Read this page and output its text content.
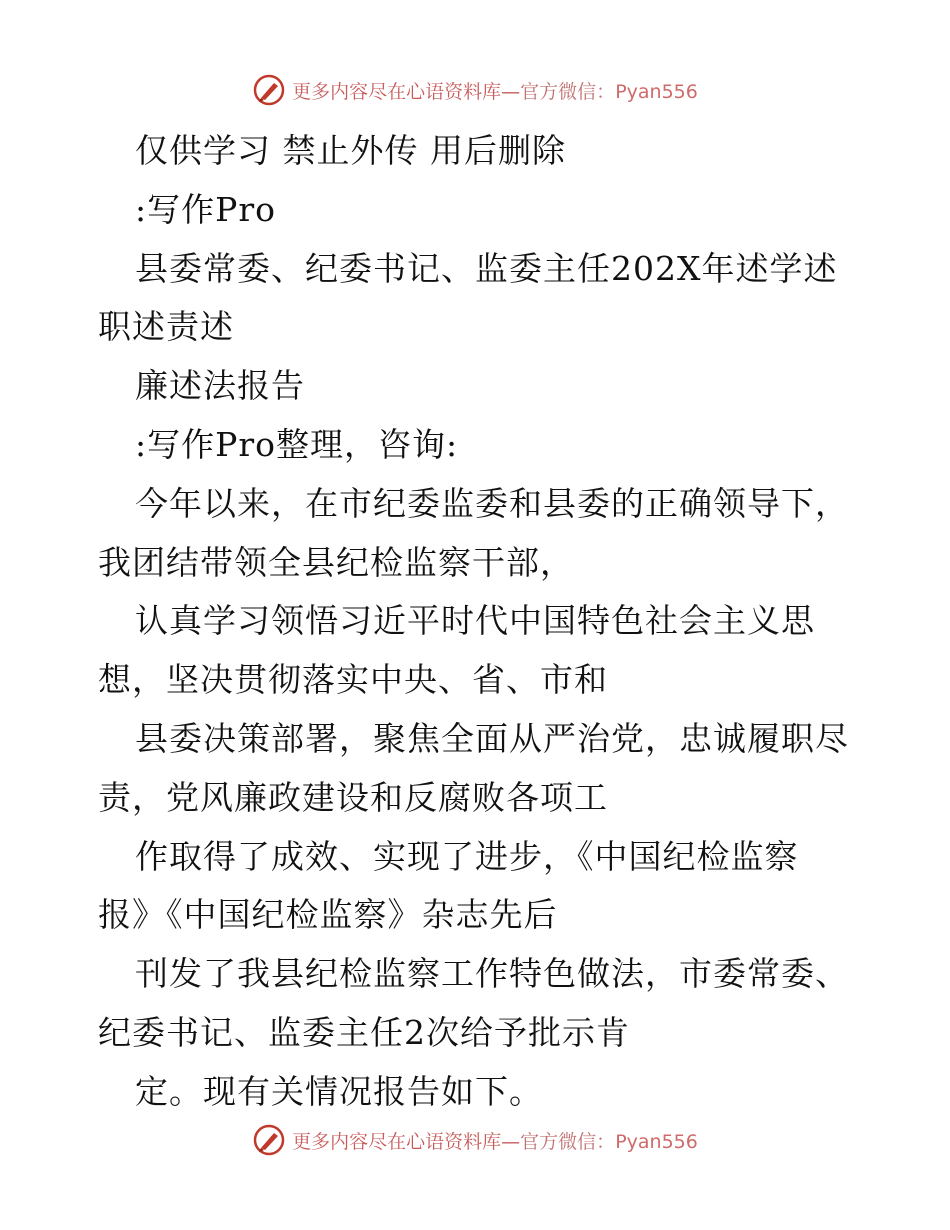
更多内容尽在心语资料库—官方微信：Pyan556
仅供学习 禁止外传 用后删除
:写作Pro
县委常委、纪委书记、监委主任202X年述学述
职述责述
廉述法报告
:写作Pro整理，咨询:
今年以来，在市纪委监委和县委的正确领导下，
我团结带领全县纪检监察干部，
认真学习领悟习近平时代中国特色社会主义思
想，坚决贯彻落实中央、省、市和
县委决策部署，聚焦全面从严治党，忠诚履职尽
责，党风廉政建设和反腐败各项工
作取得了成效、实现了进步，《中国纪检监察
报》《中国纪检监察》杂志先后
刊发了我县纪检监察工作特色做法，市委常委、
纪委书记、监委主任2次给予批示肯
定。现有关情况报告如下。
更多内容尽在心语资料库—官方微信：Pyan556
